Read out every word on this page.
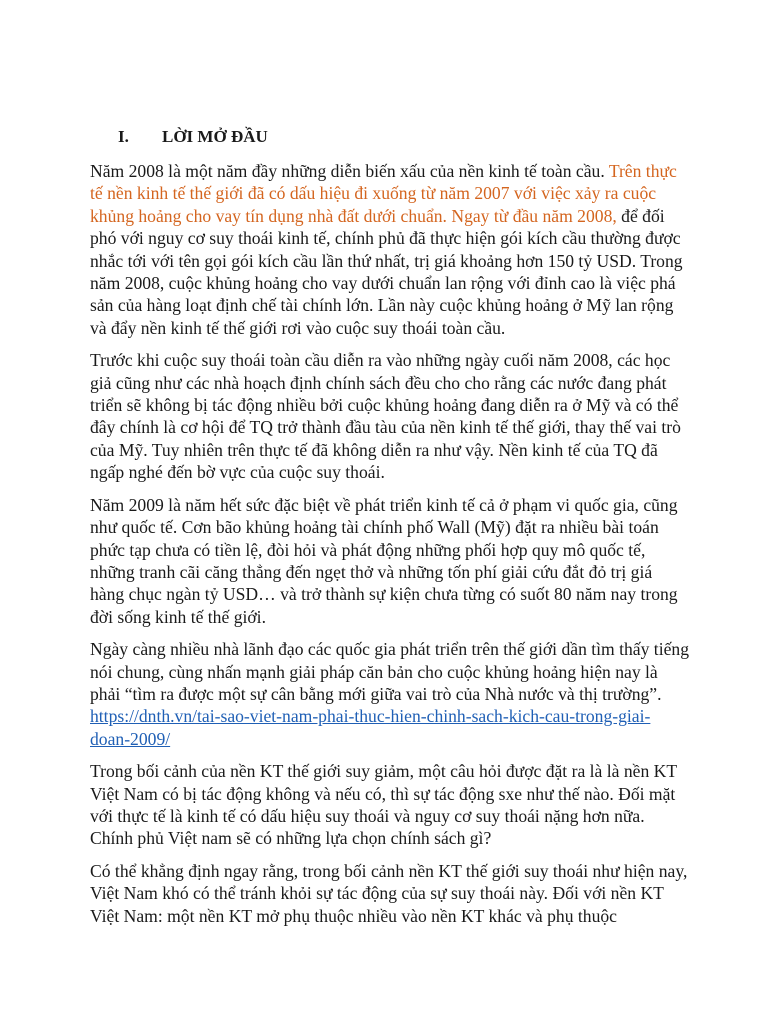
I.	LỜI MỞ ĐẦU

Năm 2008 là một năm đầy những diễn biến xấu của nền kinh tế toàn cầu. Trên thực tế nền kinh tế thế giới đã có dấu hiệu đi xuống từ năm 2007 với việc xảy ra cuộc khủng hoảng cho vay tín dụng nhà đất dưới chuẩn. Ngay từ đầu năm 2008, để đối phó với nguy cơ suy thoái kinh tế, chính phủ đã thực hiện gói kích cầu thường được nhắc tới với tên gọi gói kích cầu lần thứ nhất, trị giá khoảng hơn 150 tỷ USD. Trong năm 2008, cuộc khủng hoảng cho vay dưới chuẩn lan rộng với đỉnh cao là việc phá sản của hàng loạt định chế tài chính lớn. Lần này cuộc khủng hoảng ở Mỹ lan rộng và đẩy nền kinh tế thế giới rơi vào cuộc suy thoái toàn cầu.

Trước khi cuộc suy thoái toàn cầu diễn ra vào những ngày cuối năm 2008, các học giả cũng như các nhà hoạch định chính sách đều cho cho rằng các nước đang phát triển sẽ không bị tác động nhiều bởi cuộc khủng hoảng đang diễn ra ở Mỹ và có thể đây chính là cơ hội để TQ trở thành đầu tàu của nền kinh tế thế giới, thay thế vai trò của Mỹ. Tuy nhiên trên thực tế đã không diễn ra như vậy. Nền kinh tế của TQ đã ngấp nghé đến bờ vực của cuộc suy thoái.

Năm 2009 là năm hết sức đặc biệt về phát triển kinh tế cả ở phạm vi quốc gia, cũng như quốc tế. Cơn bão khủng hoảng tài chính phố Wall (Mỹ) đặt ra nhiều bài toán phức tạp chưa có tiền lệ, đòi hỏi và phát động những phối hợp quy mô quốc tế, những tranh cãi căng thẳng đến ngẹt thở và những tốn phí giải cứu đắt đỏ trị giá hàng chục ngàn tỷ USD… và trở thành sự kiện chưa từng có suốt 80 năm nay trong đời sống kinh tế thế giới.

Ngày càng nhiều nhà lãnh đạo các quốc gia phát triển trên thế giới dần tìm thấy tiếng nói chung, cùng nhấn mạnh giải pháp căn bản cho cuộc khủng hoảng hiện nay là phải “tìm ra được một sự cân bằng mới giữa vai trò của Nhà nước và thị trường”. https://dnth.vn/tai-sao-viet-nam-phai-thuc-hien-chinh-sach-kich-cau-trong-giai-doan-2009/

Trong bối cảnh của nền KT thế giới suy giảm, một câu hỏi được đặt ra là là nền KT Việt Nam có bị tác động không và nếu có, thì sự tác động sxe như thế nào. Đối mặt với thực tế là kinh tế có dấu hiệu suy thoái và nguy cơ suy thoái nặng hơn nữa. Chính phủ Việt nam sẽ có những lựa chọn chính sách gì?

Có thể khẳng định ngay rằng, trong bối cảnh nền KT thế giới suy thoái như hiện nay, Việt Nam khó có thể tránh khỏi sự tác động của sự suy thoái này. Đối với nền KT Việt Nam: một nền KT mở phụ thuộc nhiều vào nền KT khác và phụ thuộc
